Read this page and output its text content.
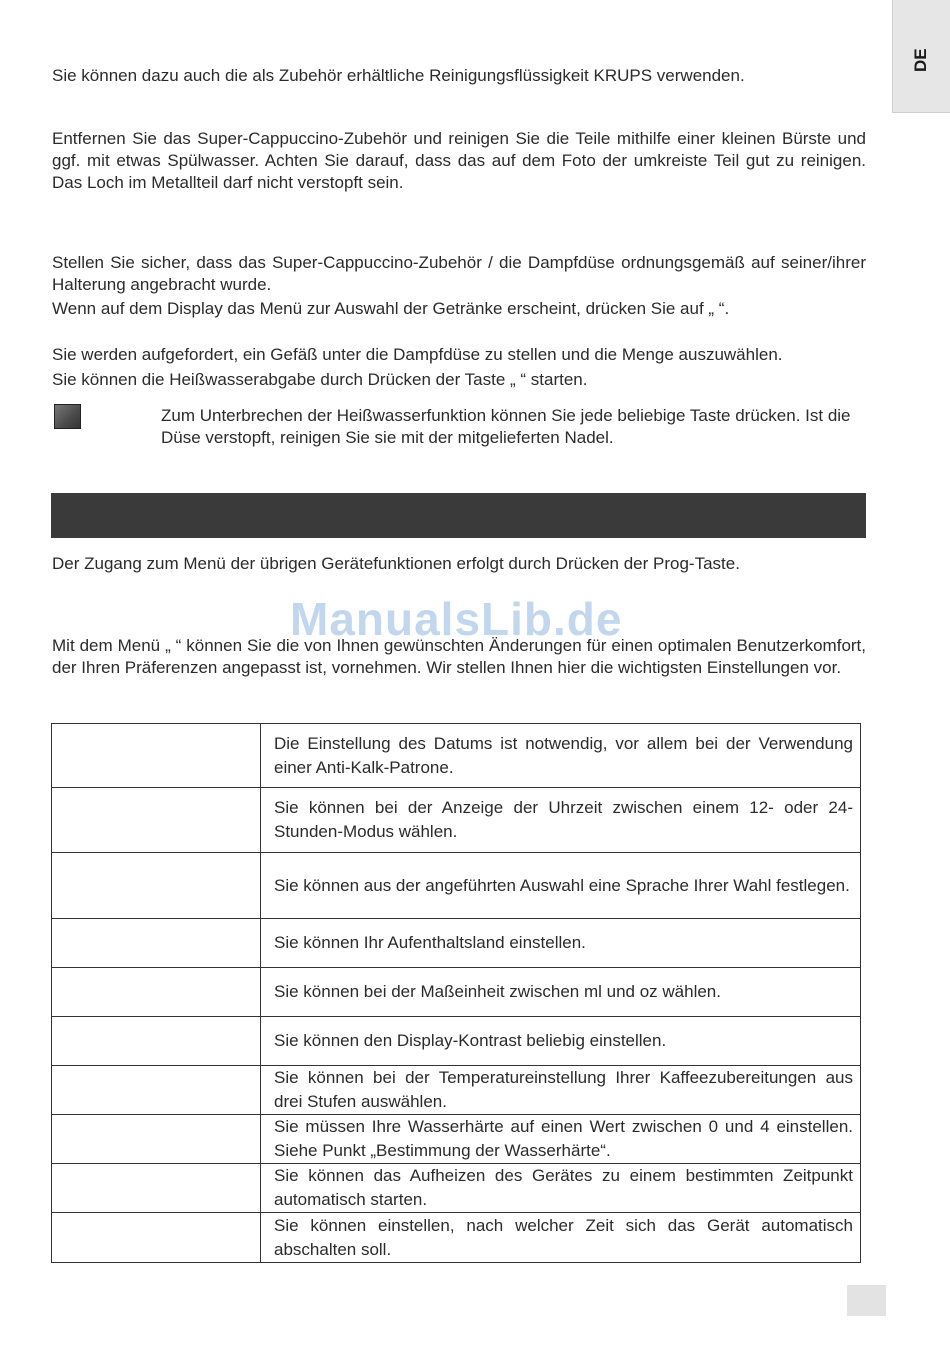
DE

Sie können dazu auch die als Zubehör erhältliche Reinigungsflüssigkeit KRUPS verwenden.

Entfernen Sie das Super-Cappuccino-Zubehör und reinigen Sie die Teile mithilfe einer kleinen Bürste und ggf. mit etwas Spülwasser. Achten Sie darauf, dass das auf dem Foto der umkreiste Teil gut zu reinigen. Das Loch im Metallteil darf nicht verstopft sein.

Stellen Sie sicher, dass das Super-Cappuccino-Zubehör / die Dampfdüse ordnungsgemäß auf seiner/ihrer Halterung angebracht wurde.

Wenn auf dem Display das Menü zur Auswahl der Getränke erscheint, drücken Sie auf „ “.

Sie werden aufgefordert, ein Gefäß unter die Dampfdüse zu stellen und die Menge auszuwählen.

Sie können die Heißwasserabgabe durch Drücken der Taste „ “ starten.

Zum Unterbrechen der Heißwasserfunktion können Sie jede beliebige Taste drücken. Ist die Düse verstopft, reinigen Sie sie mit der mitgelieferten Nadel.

Der Zugang zum Menü der übrigen Gerätefunktionen erfolgt durch Drücken der Prog-Taste.

ManualsLib.de

Mit dem Menü „ “ können Sie die von Ihnen gewünschten Änderungen für einen optimalen Benutzerkomfort, der Ihren Präferenzen angepasst ist, vornehmen. Wir stellen Ihnen hier die wichtigsten Einstellungen vor.

	Die Einstellung des Datums ist notwendig, vor allem bei der Verwendung einer Anti-Kalk-Patrone.
	Sie können bei der Anzeige der Uhrzeit zwischen einem 12- oder 24-Stunden-Modus wählen.
	Sie können aus der angeführten Auswahl eine Sprache Ihrer Wahl festlegen.
	Sie können Ihr Aufenthaltsland einstellen.
	Sie können bei der Maßeinheit zwischen ml und oz wählen.
	Sie können den Display-Kontrast beliebig einstellen.
	Sie können bei der Temperatureinstellung Ihrer Kaffeezubereitungen aus drei Stufen auswählen.
	Sie müssen Ihre Wasserhärte auf einen Wert zwischen 0 und 4 einstellen. Siehe Punkt „Bestimmung der Wasserhärte“.
	Sie können das Aufheizen des Gerätes zu einem bestimmten Zeitpunkt automatisch starten.
	Sie können einstellen, nach welcher Zeit sich das Gerät automatisch abschalten soll.
